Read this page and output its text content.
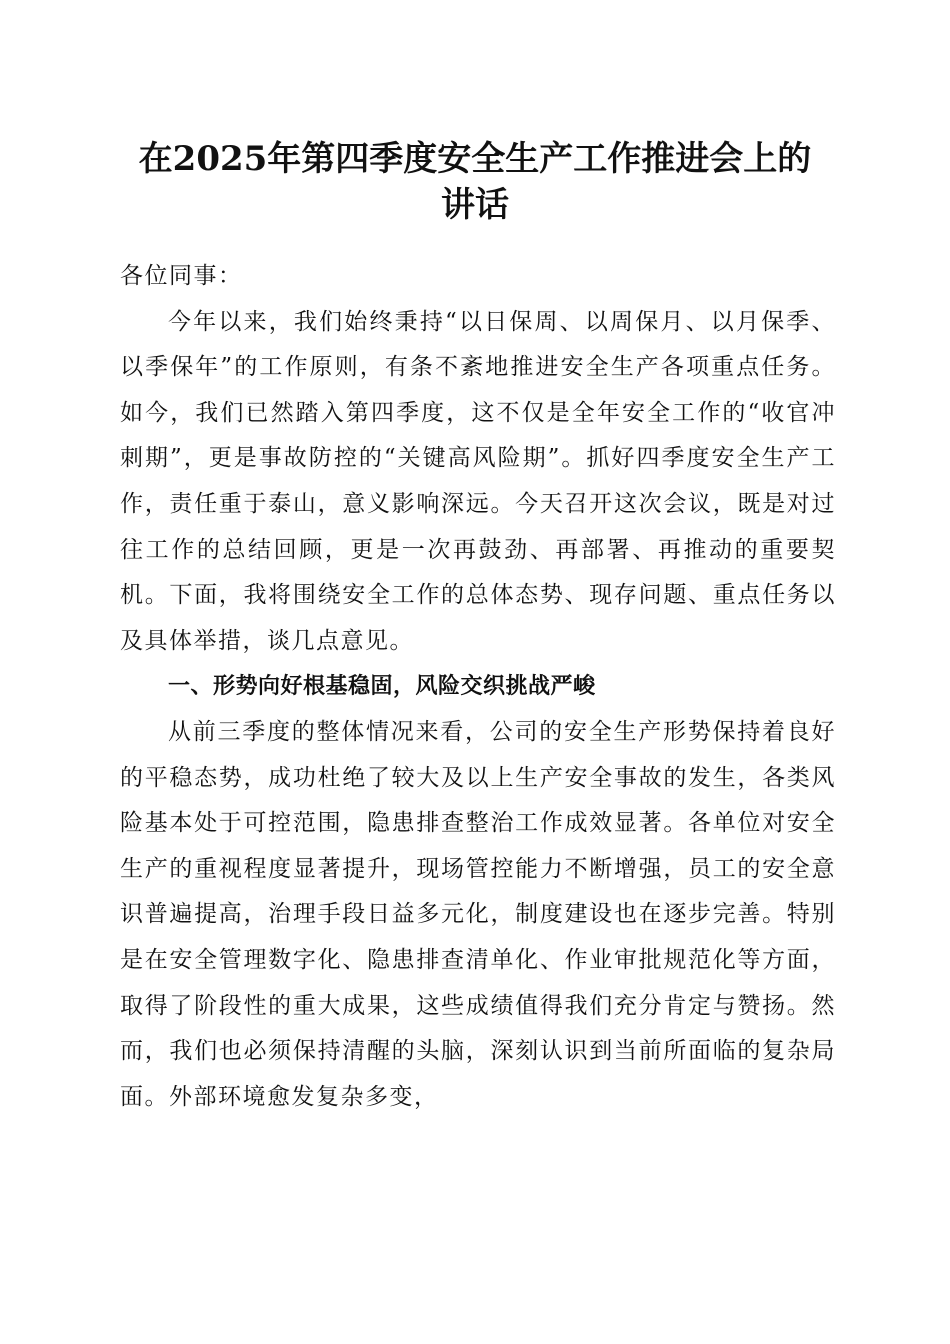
在2025年第四季度安全生产工作推进会上的
讲话

各位同事：

今年以来，我们始终秉持“以日保周、以周保月、以月保季、以季保年”的工作原则，有条不紊地推进安全生产各项重点任务。如今，我们已然踏入第四季度，这不仅是全年安全工作的“收官冲刺期”，更是事故防控的“关键高风险期”。抓好四季度安全生产工作，责任重于泰山，意义影响深远。今天召开这次会议，既是对过往工作的总结回顾，更是一次再鼓劲、再部署、再推动的重要契机。下面，我将围绕安全工作的总体态势、现存问题、重点任务以及具体举措，谈几点意见。

一、形势向好根基稳固，风险交织挑战严峻

从前三季度的整体情况来看，公司的安全生产形势保持着良好的平稳态势，成功杜绝了较大及以上生产安全事故的发生，各类风险基本处于可控范围，隐患排查整治工作成效显著。各单位对安全生产的重视程度显著提升，现场管控能力不断增强，员工的安全意识普遍提高，治理手段日益多元化，制度建设也在逐步完善。特别是在安全管理数字化、隐患排查清单化、作业审批规范化等方面，取得了阶段性的重大成果，这些成绩值得我们充分肯定与赞扬。然而，我们也必须保持清醒的头脑，深刻认识到当前所面临的复杂局面。外部环境愈发复杂多变，
